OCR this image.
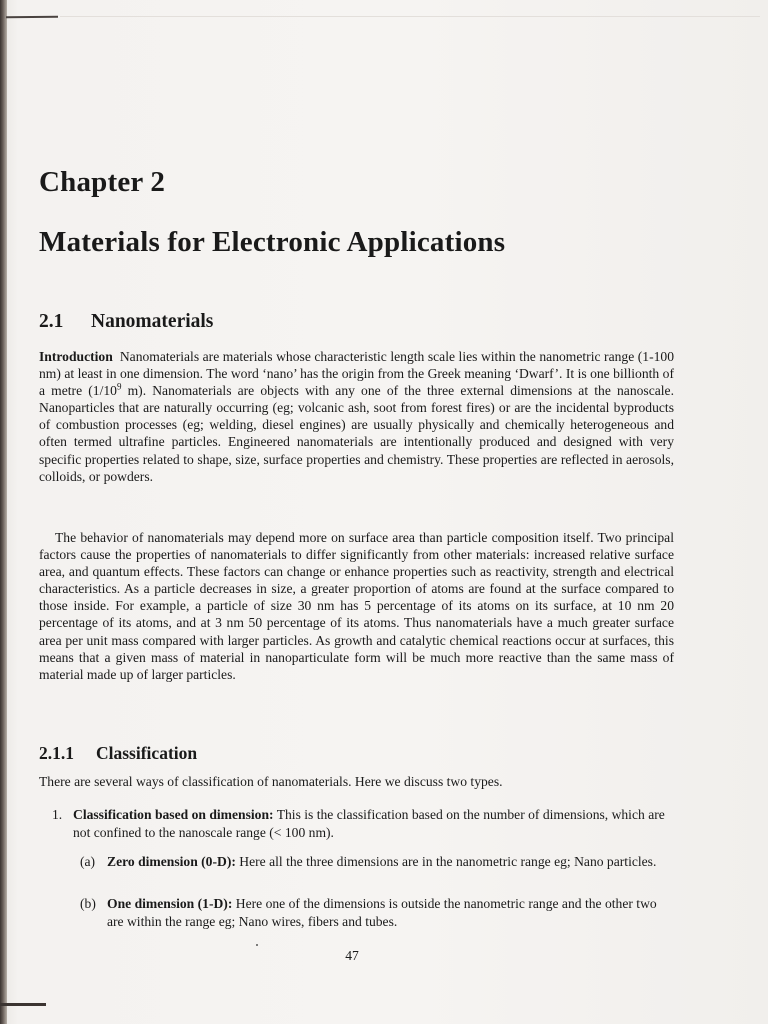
Chapter 2
Materials for Electronic Applications
2.1 Nanomaterials

Introduction Nanomaterials are materials whose characteristic length scale lies within the nanometric range (1-100 nm) at least in one dimension. The word ‘nano’ has the origin from the Greek meaning ‘Dwarf’. It is one billionth of a metre ($1/10^9$ m). Nanomaterials are objects with any one of the three external dimensions at the nanoscale. Nanoparticles that are naturally occurring (eg; volcanic ash, soot from forest fires) or are the incidental byproducts of combustion processes (eg; welding, diesel engines) are usually physically and chemically heterogeneous and often termed ultrafine particles. Engineered nanomaterials are intentionally produced and designed with very specific properties related to shape, size, surface properties and chemistry. These properties are reflected in aerosols, colloids, or powders.

The behavior of nanomaterials may depend more on surface area than particle composition itself. Two principal factors cause the properties of nanomaterials to differ significantly from other materials: increased relative surface area, and quantum effects. These factors can change or enhance properties such as reactivity, strength and electrical characteristics. As a particle decreases in size, a greater proportion of atoms are found at the surface compared to those inside. For example, a particle of size 30 nm has 5 percentage of its atoms on its surface, at 10 nm 20 percentage of its atoms, and at 3 nm 50 percentage of its atoms. Thus nanomaterials have a much greater surface area per unit mass compared with larger particles. As growth and catalytic chemical reactions occur at surfaces, this means that a given mass of material in nanoparticulate form will be much more reactive than the same mass of material made up of larger particles.

2.1.1 Classification

There are several ways of classification of nanomaterials. Here we discuss two types.

1. Classification based on dimension: This is the classification based on the number of dimensions, which are not confined to the nanoscale range (< 100 nm).
(a) Zero dimension (0-D): Here all the three dimensions are in the nanometric range eg; Nano particles.
(b) One dimension (1-D): Here one of the dimensions is outside the nanometric range and the other two are within the range eg; Nano wires, fibers and tubes.
47
